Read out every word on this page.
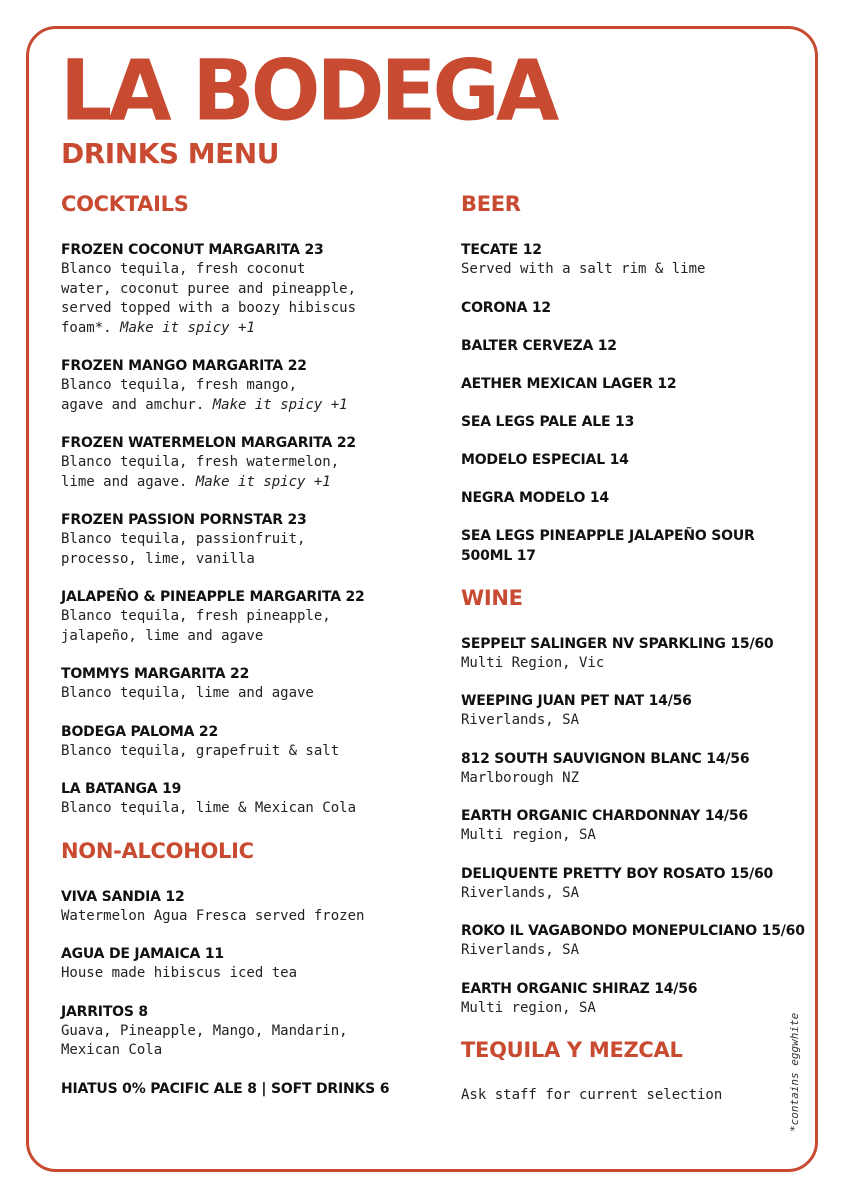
LA BODEGA
DRINKS MENU
COCKTAILS
FROZEN COCONUT MARGARITA 23
Blanco tequila, fresh coconut
water, coconut puree and pineapple,
served topped with a boozy hibiscus
foam*. Make it spicy +1
FROZEN MANGO MARGARITA 22
Blanco tequila, fresh mango,
agave and amchur. Make it spicy +1
FROZEN WATERMELON MARGARITA 22
Blanco tequila, fresh watermelon,
lime and agave. Make it spicy +1
FROZEN PASSION PORNSTAR 23
Blanco tequila, passionfruit,
processo, lime, vanilla
JALAPEÑO & PINEAPPLE MARGARITA 22
Blanco tequila, fresh pineapple,
jalapeño, lime and agave
TOMMYS MARGARITA 22
Blanco tequila, lime and agave
BODEGA PALOMA 22
Blanco tequila, grapefruit & salt
LA BATANGA 19
Blanco tequila, lime & Mexican Cola
NON-ALCOHOLIC
VIVA SANDIA 12
Watermelon Agua Fresca served frozen
AGUA DE JAMAICA 11
House made hibiscus iced tea
JARRITOS 8
Guava, Pineapple, Mango, Mandarin,
Mexican Cola
HIATUS 0% PACIFIC ALE 8 | SOFT DRINKS 6
BEER
TECATE 12
Served with a salt rim & lime
CORONA 12
BALTER CERVEZA 12
AETHER MEXICAN LAGER 12
SEA LEGS PALE ALE 13
MODELO ESPECIAL 14
NEGRA MODELO 14
SEA LEGS PINEAPPLE JALAPEÑO SOUR
500ML 17
WINE
SEPPELT SALINGER NV SPARKLING 15/60
Multi Region, Vic
WEEPING JUAN PET NAT 14/56
Riverlands, SA
812 SOUTH SAUVIGNON BLANC 14/56
Marlborough NZ
EARTH ORGANIC CHARDONNAY 14/56
Multi region, SA
DELIQUENTE PRETTY BOY ROSATO 15/60
Riverlands, SA
ROKO IL VAGABONDO MONEPULCIANO 15/60
Riverlands, SA
EARTH ORGANIC SHIRAZ 14/56
Multi region, SA
TEQUILA Y MEZCAL
Ask staff for current selection	*contains eggwhite
